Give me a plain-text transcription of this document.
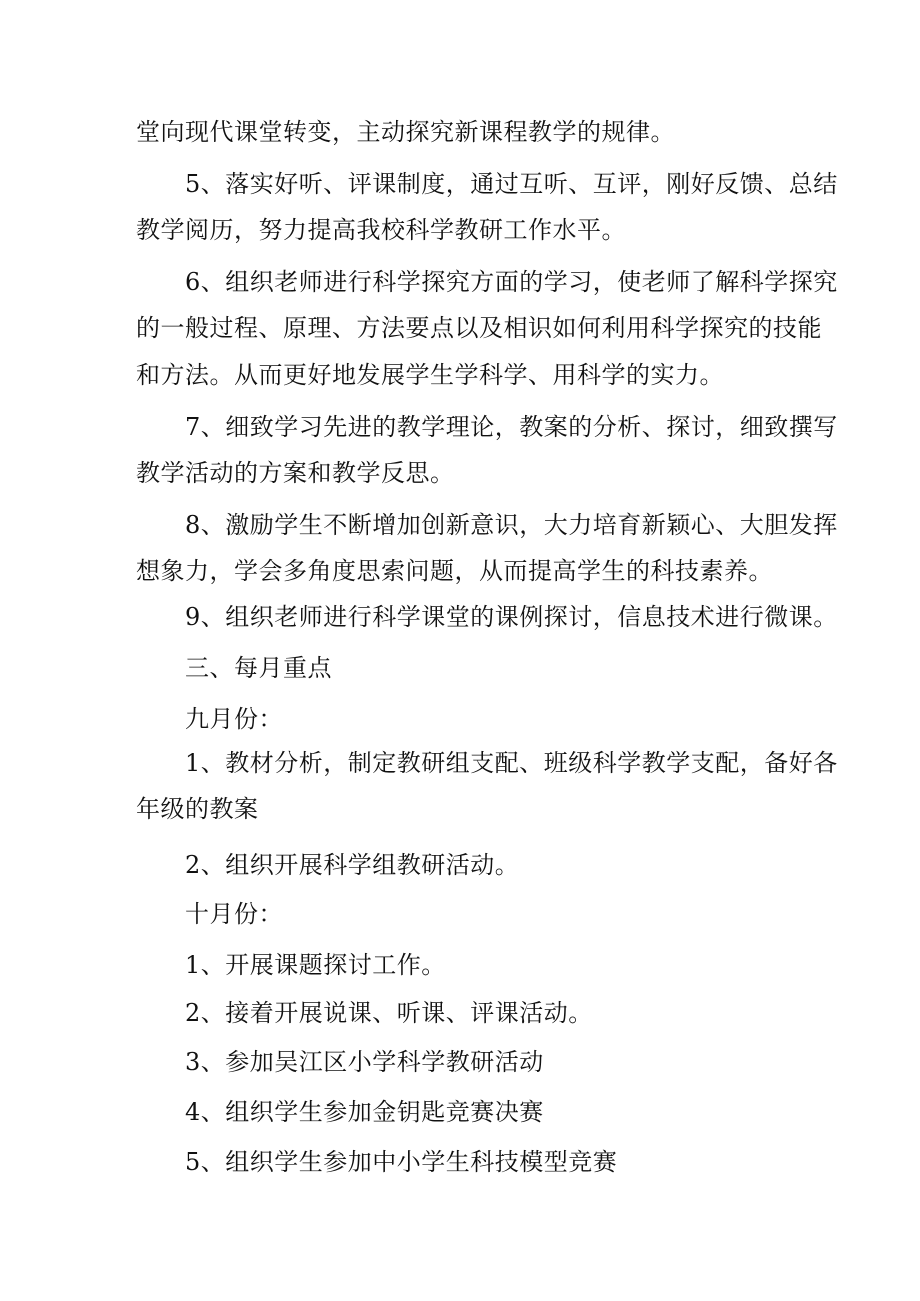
堂向现代课堂转变，主动探究新课程教学的规律。
5、落实好听、评课制度，通过互听、互评，刚好反馈、总结
教学阅历，努力提高我校科学教研工作水平。
6、组织老师进行科学探究方面的学习，使老师了解科学探究
的一般过程、原理、方法要点以及相识如何利用科学探究的技能
和方法。从而更好地发展学生学科学、用科学的实力。
7、细致学习先进的教学理论，教案的分析、探讨，细致撰写
教学活动的方案和教学反思。
8、激励学生不断增加创新意识，大力培育新颖心、大胆发挥
想象力，学会多角度思索问题，从而提高学生的科技素养。
9、组织老师进行科学课堂的课例探讨，信息技术进行微课。
三、每月重点
九月份：
1、教材分析，制定教研组支配、班级科学教学支配，备好各
年级的教案
2、组织开展科学组教研活动。
十月份：
1、开展课题探讨工作。
2、接着开展说课、听课、评课活动。
3、参加吴江区小学科学教研活动
4、组织学生参加金钥匙竞赛决赛
5、组织学生参加中小学生科技模型竞赛
